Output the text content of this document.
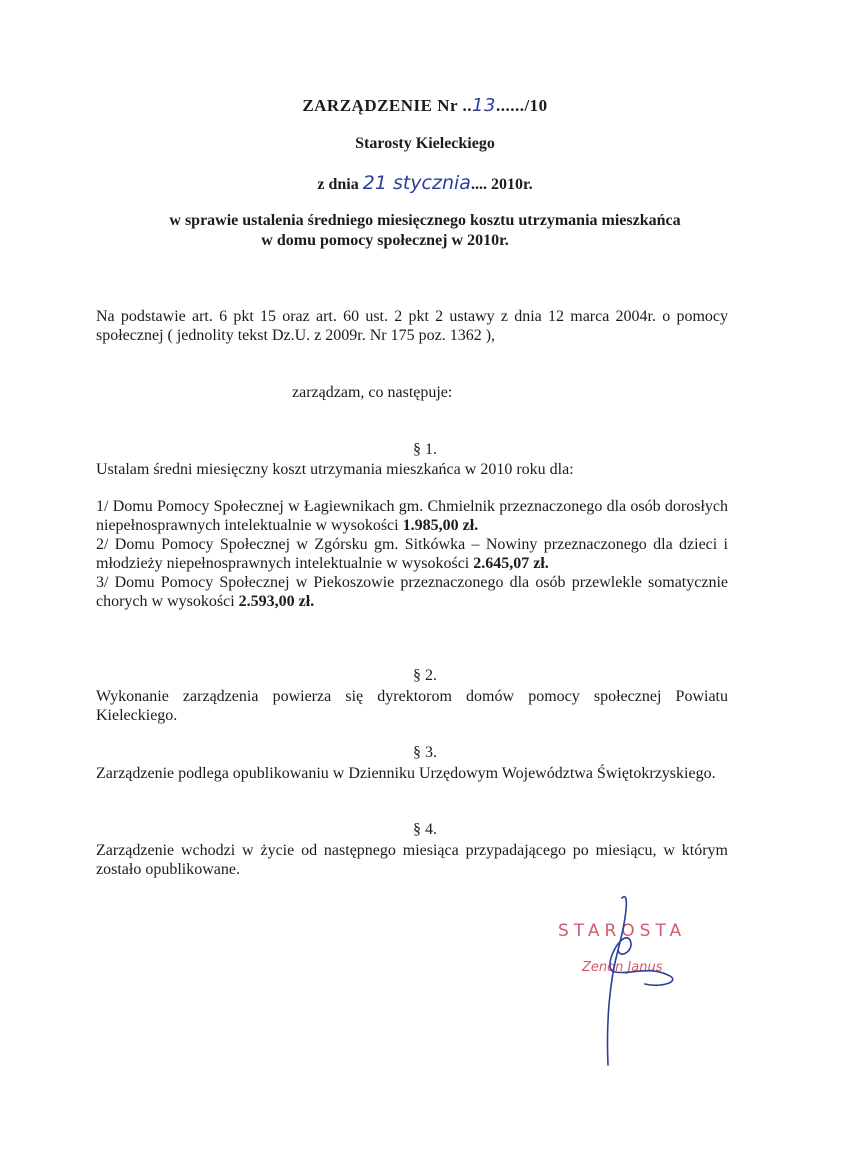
ZARZĄDZENIE Nr ..13....../10
Starosty Kieleckiego
z dnia 21 stycznia.... 2010r.
w sprawie ustalenia średniego miesięcznego kosztu utrzymania mieszkańca
w domu pomocy społecznej w 2010r.
Na podstawie art. 6 pkt 15 oraz art. 60 ust. 2 pkt 2 ustawy z dnia 12 marca 2004r. o pomocy społecznej ( jednolity tekst Dz.U. z 2009r. Nr 175 poz. 1362 ),
zarządzam, co następuje:
§ 1.
Ustalam średni miesięczny koszt utrzymania mieszkańca w 2010 roku dla:
1/ Domu Pomocy Społecznej w Łagiewnikach gm. Chmielnik przeznaczonego dla osób dorosłych niepełnosprawnych intelektualnie w wysokości 1.985,00 zł.
2/ Domu Pomocy Społecznej w Zgórsku gm. Sitkówka – Nowiny przeznaczonego dla dzieci i młodzieży niepełnosprawnych intelektualnie w wysokości 2.645,07 zł.
3/ Domu Pomocy Społecznej w Piekoszowie przeznaczonego dla osób przewlekle somatycznie chorych w wysokości 2.593,00 zł.
§ 2.
Wykonanie zarządzenia powierza się dyrektorom domów pomocy społecznej Powiatu Kieleckiego.
§ 3.
Zarządzenie podlega opublikowaniu w Dzienniku Urzędowym Województwa Świętokrzyskiego.
§ 4.
Zarządzenie wchodzi w życie od następnego miesiąca przypadającego po miesiącu, w którym zostało opublikowane.
STAROSTA
Zenon Janus
